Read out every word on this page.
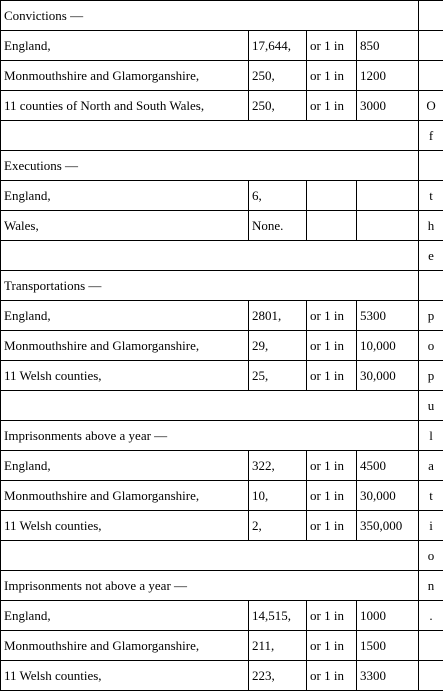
Convictions —				
England,	17,644,	or 1 in	850	
Monmouthshire and Glamorganshire,	250,	or 1 in	1200	
11 counties of North and South Wales,	250,	or 1 in	3000	O
				f
Executions —				
England,	6,			t
Wales,	None.			h
				e
Transportations —				
England,	2801,	or 1 in	5300	p
Monmouthshire and Glamorganshire,	29,	or 1 in	10,000	o
11 Welsh counties,	25,	or 1 in	30,000	p
				u
Imprisonments above a year —				l
England,	322,	or 1 in	4500	a
Monmouthshire and Glamorganshire,	10,	or 1 in	30,000	t
11 Welsh counties,	2,	or 1 in	350,000	i
				o
Imprisonments not above a year —				n
England,	14,515,	or 1 in	1000	.
Monmouthshire and Glamorganshire,	211,	or 1 in	1500	
11 Welsh counties,	223,	or 1 in	3300	
